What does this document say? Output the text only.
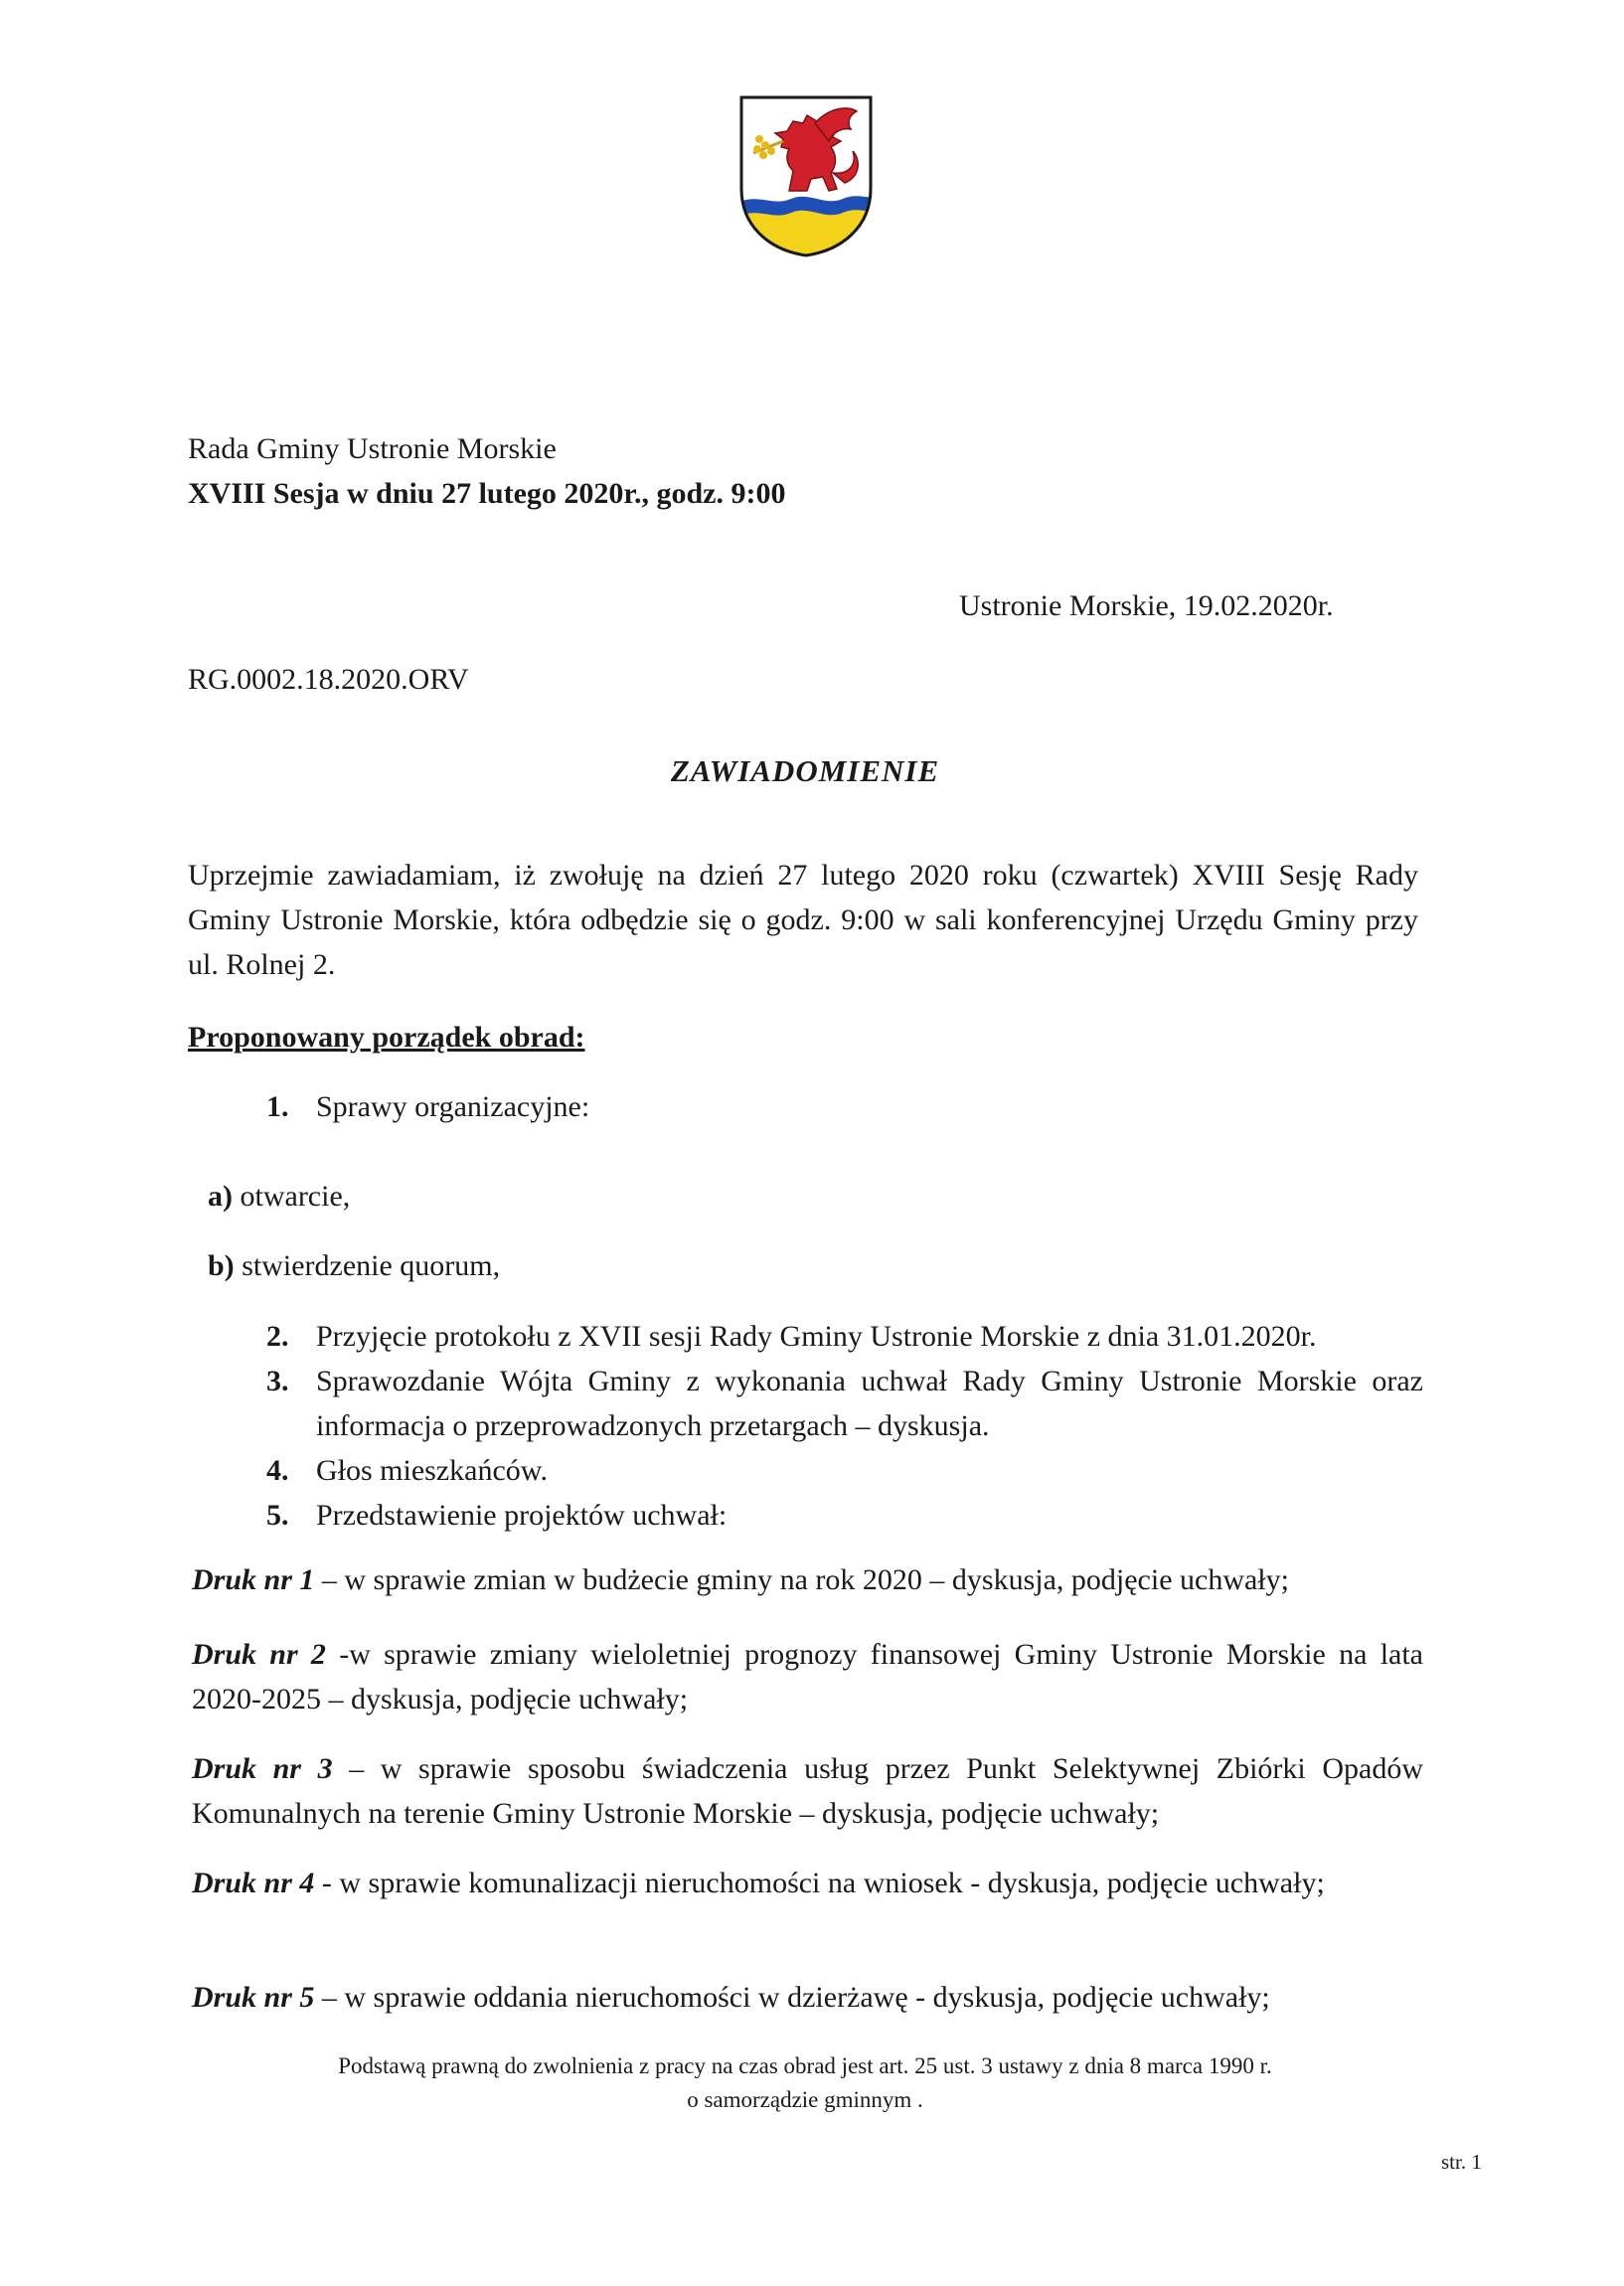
Rada Gminy Ustronie Morskie
XVIII Sesja w dniu 27 lutego 2020r., godz. 9:00
Ustronie Morskie, 19.02.2020r.
RG.0002.18.2020.ORV
ZAWIADOMIENIE
Uprzejmie zawiadamiam, iż zwołuję na dzień 27 lutego 2020 roku (czwartek) XVIII Sesję Rady Gminy Ustronie Morskie, która odbędzie się o godz. 9:00 w sali konferencyjnej Urzędu Gminy przy ul. Rolnej 2.
Proponowany porządek obrad:
1. Sprawy organizacyjne:
a) otwarcie,
b) stwierdzenie quorum,
2. Przyjęcie protokołu z XVII sesji Rady Gminy Ustronie Morskie z dnia 31.01.2020r.
3. Sprawozdanie Wójta Gminy z wykonania uchwał Rady Gminy Ustronie Morskie oraz informacja o przeprowadzonych przetargach – dyskusja.
4. Głos mieszkańców.
5. Przedstawienie projektów uchwał:
Druk nr 1 – w sprawie zmian w budżecie gminy na rok 2020 – dyskusja, podjęcie uchwały;
Druk nr 2 -w sprawie zmiany wieloletniej prognozy finansowej Gminy Ustronie Morskie na lata 2020-2025 – dyskusja, podjęcie uchwały;
Druk nr 3 – w sprawie sposobu świadczenia usług przez Punkt Selektywnej Zbiórki Opadów Komunalnych na terenie Gminy Ustronie Morskie – dyskusja, podjęcie uchwały;
Druk nr 4 - w sprawie komunalizacji nieruchomości na wniosek - dyskusja, podjęcie uchwały;
Druk nr 5 – w sprawie oddania nieruchomości w dzierżawę - dyskusja, podjęcie uchwały;
Podstawą prawną do zwolnienia z pracy na czas obrad jest art. 25 ust. 3 ustawy z dnia 8 marca 1990 r.
o samorządzie gminnym .
str. 1
